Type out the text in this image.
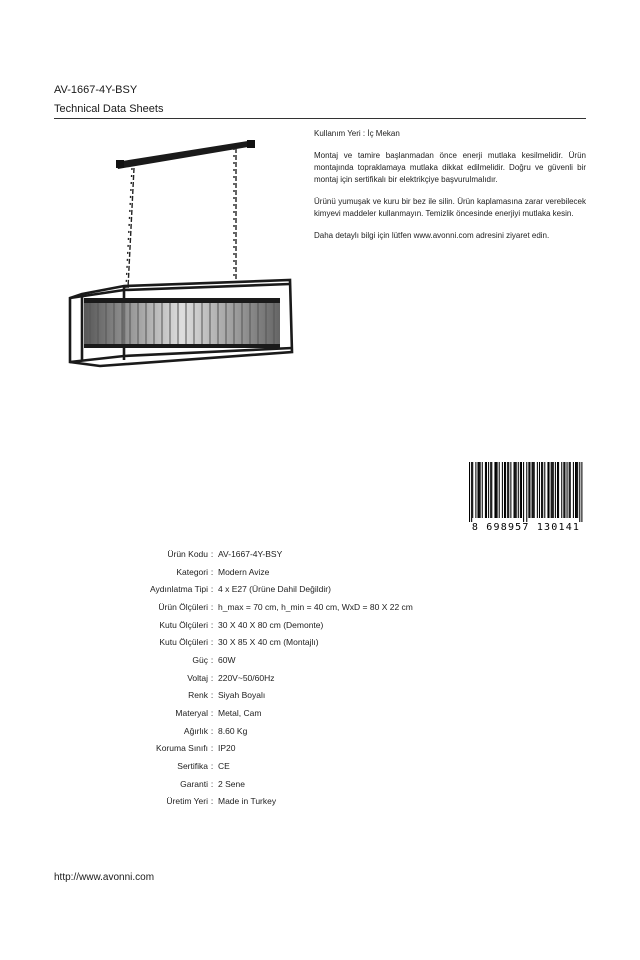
AV-1667-4Y-BSY
Technical Data Sheets

Kullanım Yeri : İç Mekan

Montaj ve tamire başlanmadan önce enerji mutlaka kesilmelidir. Ürün montajında topraklamaya mutlaka dikkat edilmelidir. Doğru ve güvenli bir montaj için sertifikalı bir elektrikçiye başvurulmalıdır.

Ürünü yumuşak ve kuru bir bez ile silin. Ürün kaplamasına zarar verebilecek kimyevi maddeler kullanmayın. Temizlik öncesinde enerjiyi mutlaka kesin.

Daha detaylı bilgi için lütfen www.avonni.com adresini ziyaret edin.

8 698957 130141
Ürün Kodu : AV-1667-4Y-BSY
Kategori : Modern Avize
Aydınlatma Tipi : 4 x E27 (Ürüne Dahil Değildir)
Ürün Ölçüleri : h_max = 70 cm, h_min = 40 cm, WxD = 80 X 22 cm
Kutu Ölçüleri : 30 X 40 X 80 cm (Demonte)
Kutu Ölçüleri : 30 X 85 X 40 cm (Montajlı)
Güç : 60W
Voltaj : 220V~50/60Hz
Renk : Siyah Boyalı
Materyal : Metal, Cam
Ağırlık : 8.60 Kg
Koruma Sınıfı : IP20
Sertifika : CE
Garanti : 2 Sene
Üretim Yeri : Made in Turkey
http://www.avonni.com
